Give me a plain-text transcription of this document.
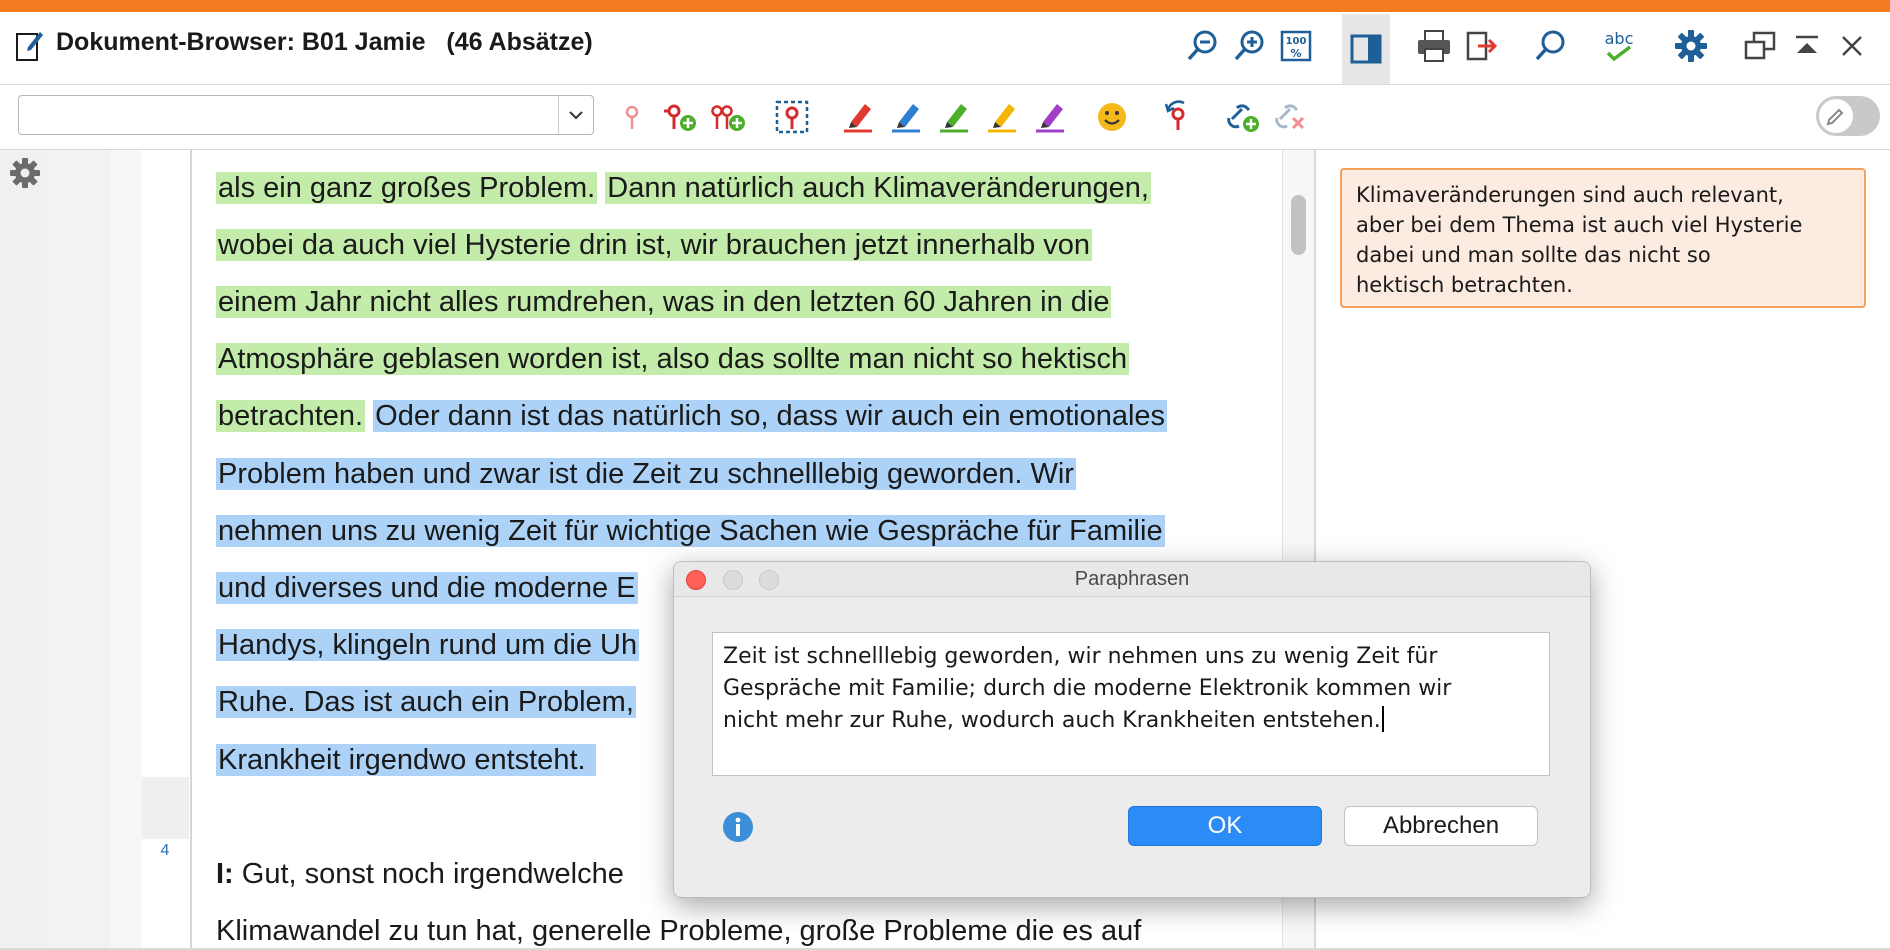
Dokument-Browser: B01 Jamie   (46 Absätze)	100
%
abc
4
als ein ganz großes Problem. Dann natürlich auch Klimaveränderungen,
wobei da auch viel Hysterie drin ist, wir brauchen jetzt innerhalb von
einem Jahr nicht alles rumdrehen, was in den letzten 60 Jahren in die
Atmosphäre geblasen worden ist, also das sollte man nicht so hektisch
betrachten. Oder dann ist das natürlich so, dass wir auch ein emotionales
Problem haben und zwar ist die Zeit zu schnelllebig geworden. Wir
nehmen uns zu wenig Zeit für wichtige Sachen wie Gespräche für Familie
und diverses und die moderne E
Handys, klingeln rund um die Uh
Ruhe. Das ist auch ein Problem,
Krankheit irgendwo entsteht.
I: Gut, sonst noch irgendwelche
Klimawandel zu tun hat, generelle Probleme, große Probleme die es auf
Klimaveränderungen sind auch relevant,
aber bei dem Thema ist auch viel Hysterie
dabei und man sollte das nicht so
hektisch betrachten.
Paraphrasen
Zeit ist schnelllebig geworden, wir nehmen uns zu wenig Zeit für
Gespräche mit Familie; durch die moderne Elektronik kommen wir
nicht mehr zur Ruhe, wodurch auch Krankheiten entstehen.
OK	Abbrechen
